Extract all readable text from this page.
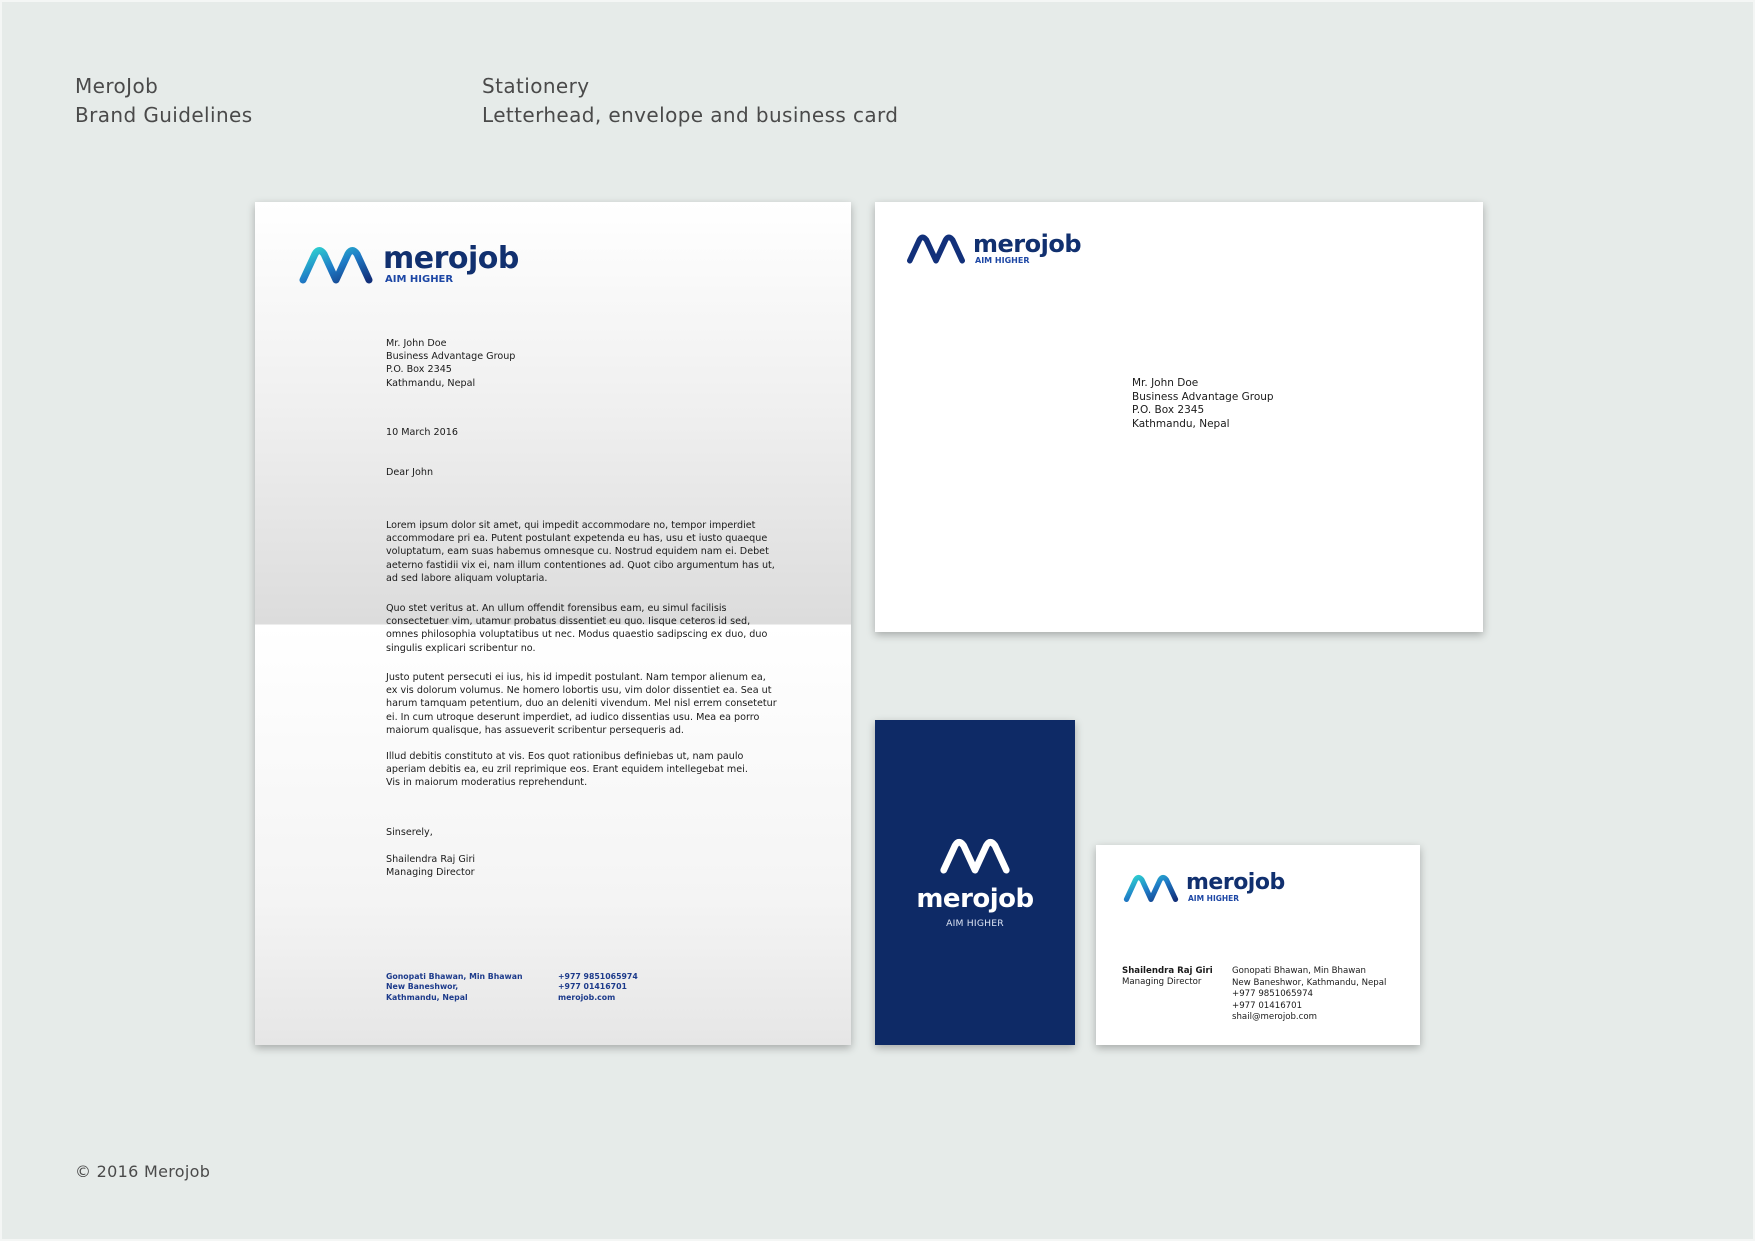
MeroJob
Brand Guidelines
Stationery
Letterhead, envelope and business card
merojob
AIM HIGHER
Mr. John Doe
Business Advantage Group
P.O. Box 2345
Kathmandu, Nepal
10 March 2016
Dear John
Lorem ipsum dolor sit amet, qui impedit accommodare no, tempor imperdiet
accommodare pri ea. Putent postulant expetenda eu has, usu et iusto quaeque
voluptatum, eam suas habemus omnesque cu. Nostrud equidem nam ei. Debet
aeterno fastidii vix ei, nam illum contentiones ad. Quot cibo argumentum has ut,
ad sed labore aliquam voluptaria.
Quo stet veritus at. An ullum offendit forensibus eam, eu simul facilisis
consectetuer vim, utamur probatus dissentiet eu quo. Iisque ceteros id sed,
omnes philosophia voluptatibus ut nec. Modus quaestio sadipscing ex duo, duo
singulis explicari scribentur no.
Justo putent persecuti ei ius, his id impedit postulant. Nam tempor alienum ea,
ex vis dolorum volumus. Ne homero lobortis usu, vim dolor dissentiet ea. Sea ut
harum tamquam petentium, duo an deleniti vivendum. Mel nisl errem consetetur
ei. In cum utroque deserunt imperdiet, ad iudico dissentias usu. Mea ea porro
maiorum qualisque, has assueverit scribentur persequeris ad.
Illud debitis constituto at vis. Eos quot rationibus definiebas ut, nam paulo
aperiam debitis ea, eu zril reprimique eos. Erant equidem intellegebat mei.
Vis in maiorum moderatius reprehendunt.
Sinserely,
Shailendra Raj Giri
Managing Director
Gonopati Bhawan, Min Bhawan
New Baneshwor,
Kathmandu, Nepal
+977 9851065974
+977 01416701
merojob.com
merojob
AIM HIGHER
Mr. John Doe
Business Advantage Group
P.O. Box 2345
Kathmandu, Nepal
merojob
AIM HIGHER
merojob
AIM HIGHER
Shailendra Raj Giri
Managing Director
Gonopati Bhawan, Min Bhawan
New Baneshwor, Kathmandu, Nepal
+977 9851065974
+977 01416701
shail@merojob.com
© 2016 Merojob
